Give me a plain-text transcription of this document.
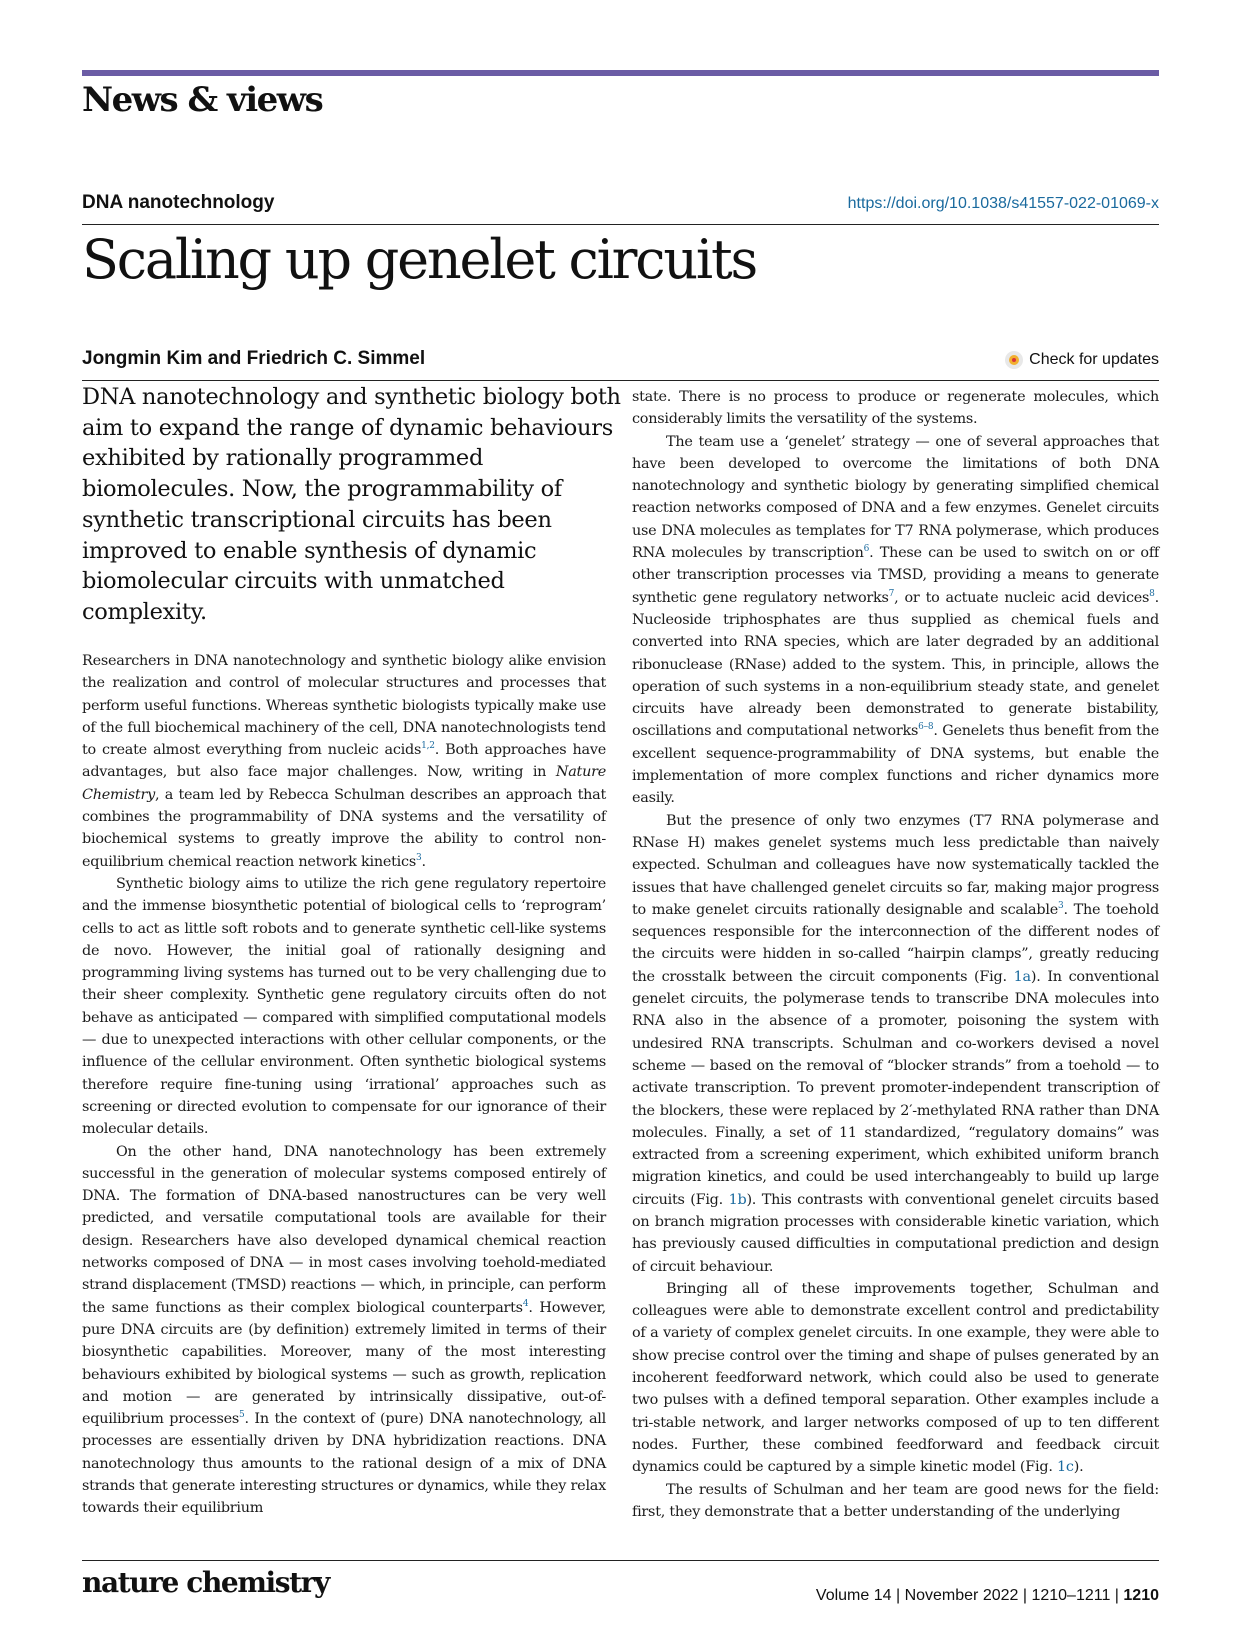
News & views
DNA nanotechnology	https://doi.org/10.1038/s41557-022-01069-x
Scaling up genelet circuits
Jongmin Kim and Friedrich C. Simmel	Check for updates

DNA nanotechnology and synthetic biology both aim to expand the range of dynamic behaviours exhibited by rationally programmed biomolecules. Now, the programmability of synthetic transcriptional circuits has been improved to enable synthesis of dynamic biomolecular circuits with unmatched complexity.

Researchers in DNA nanotechnology and synthetic biology alike envision the realization and control of molecular structures and processes that perform useful functions. Whereas synthetic biologists typically make use of the full biochemical machinery of the cell, DNA nanotechnologists tend to create almost everything from nucleic acids$^{1,2}$. Both approaches have advantages, but also face major challenges. Now, writing in Nature Chemistry, a team led by Rebecca Schulman describes an approach that combines the programmability of DNA systems and the versatility of biochemical systems to greatly improve the ability to control non-equilibrium chemical reaction network kinetics$^3$.

Synthetic biology aims to utilize the rich gene regulatory repertoire and the immense biosynthetic potential of biological cells to ‘reprogram’ cells to act as little soft robots and to generate synthetic cell-like systems de novo. However, the initial goal of rationally designing and programming living systems has turned out to be very challenging due to their sheer complexity. Synthetic gene regulatory circuits often do not behave as anticipated — compared with simplified computational models — due to unexpected interactions with other cellular components, or the influence of the cellular environment. Often synthetic biological systems therefore require fine-tuning using ‘irrational’ approaches such as screening or directed evolution to compensate for our ignorance of their molecular details.

On the other hand, DNA nanotechnology has been extremely successful in the generation of molecular systems composed entirely of DNA. The formation of DNA-based nanostructures can be very well predicted, and versatile computational tools are available for their design. Researchers have also developed dynamical chemical reaction networks composed of DNA — in most cases involving toehold-mediated strand displacement (TMSD) reactions — which, in principle, can perform the same functions as their complex biological counterparts$^4$. However, pure DNA circuits are (by definition) extremely limited in terms of their biosynthetic capabilities. Moreover, many of the most interesting behaviours exhibited by biological systems — such as growth, replication and motion — are generated by intrinsically dissipative, out-of-equilibrium processes$^5$. In the context of (pure) DNA nanotechnology, all processes are essentially driven by DNA hybridization reactions. DNA nanotechnology thus amounts to the rational design of a mix of DNA strands that generate interesting structures or dynamics, while they relax towards their equilibrium

state. There is no process to produce or regenerate molecules, which considerably limits the versatility of the systems.

The team use a ‘genelet’ strategy — one of several approaches that have been developed to overcome the limitations of both DNA nanotechnology and synthetic biology by generating simplified chemical reaction networks composed of DNA and a few enzymes. Genelet circuits use DNA molecules as templates for T7 RNA polymerase, which produces RNA molecules by transcription$^6$. These can be used to switch on or off other transcription processes via TMSD, providing a means to generate synthetic gene regulatory networks$^7$, or to actuate nucleic acid devices$^8$. Nucleoside triphosphates are thus supplied as chemical fuels and converted into RNA species, which are later degraded by an additional ribonuclease (RNase) added to the system. This, in principle, allows the operation of such systems in a non-equilibrium steady state, and genelet circuits have already been demonstrated to generate bistability, oscillations and computational networks$^{6-8}$. Genelets thus benefit from the excellent sequence-programmability of DNA systems, but enable the implementation of more complex functions and richer dynamics more easily.

But the presence of only two enzymes (T7 RNA polymerase and RNase H) makes genelet systems much less predictable than naively expected. Schulman and colleagues have now systematically tackled the issues that have challenged genelet circuits so far, making major progress to make genelet circuits rationally designable and scalable$^3$. The toehold sequences responsible for the interconnection of the different nodes of the circuits were hidden in so-called “hairpin clamps”, greatly reducing the crosstalk between the circuit components (Fig. 1a). In conventional genelet circuits, the polymerase tends to transcribe DNA molecules into RNA also in the absence of a promoter, poisoning the system with undesired RNA transcripts. Schulman and co-workers devised a novel scheme — based on the removal of “blocker strands” from a toehold — to activate transcription. To prevent promoter-independent transcription of the blockers, these were replaced by 2′-methylated RNA rather than DNA molecules. Finally, a set of 11 standardized, “regulatory domains” was extracted from a screening experiment, which exhibited uniform branch migration kinetics, and could be used interchangeably to build up large circuits (Fig. 1b). This contrasts with conventional genelet circuits based on branch migration processes with considerable kinetic variation, which has previously caused difficulties in computational prediction and design of circuit behaviour.

Bringing all of these improvements together, Schulman and colleagues were able to demonstrate excellent control and predictability of a variety of complex genelet circuits. In one example, they were able to show precise control over the timing and shape of pulses generated by an incoherent feedforward network, which could also be used to generate two pulses with a defined temporal separation. Other examples include a tri-stable network, and larger networks composed of up to ten different nodes. Further, these combined feedforward and feedback circuit dynamics could be captured by a simple kinetic model (Fig. 1c).

The results of Schulman and her team are good news for the field: first, they demonstrate that a better understanding of the underlying

nature chemistry	Volume 14 | November 2022 | 1210–1211 | 1210
